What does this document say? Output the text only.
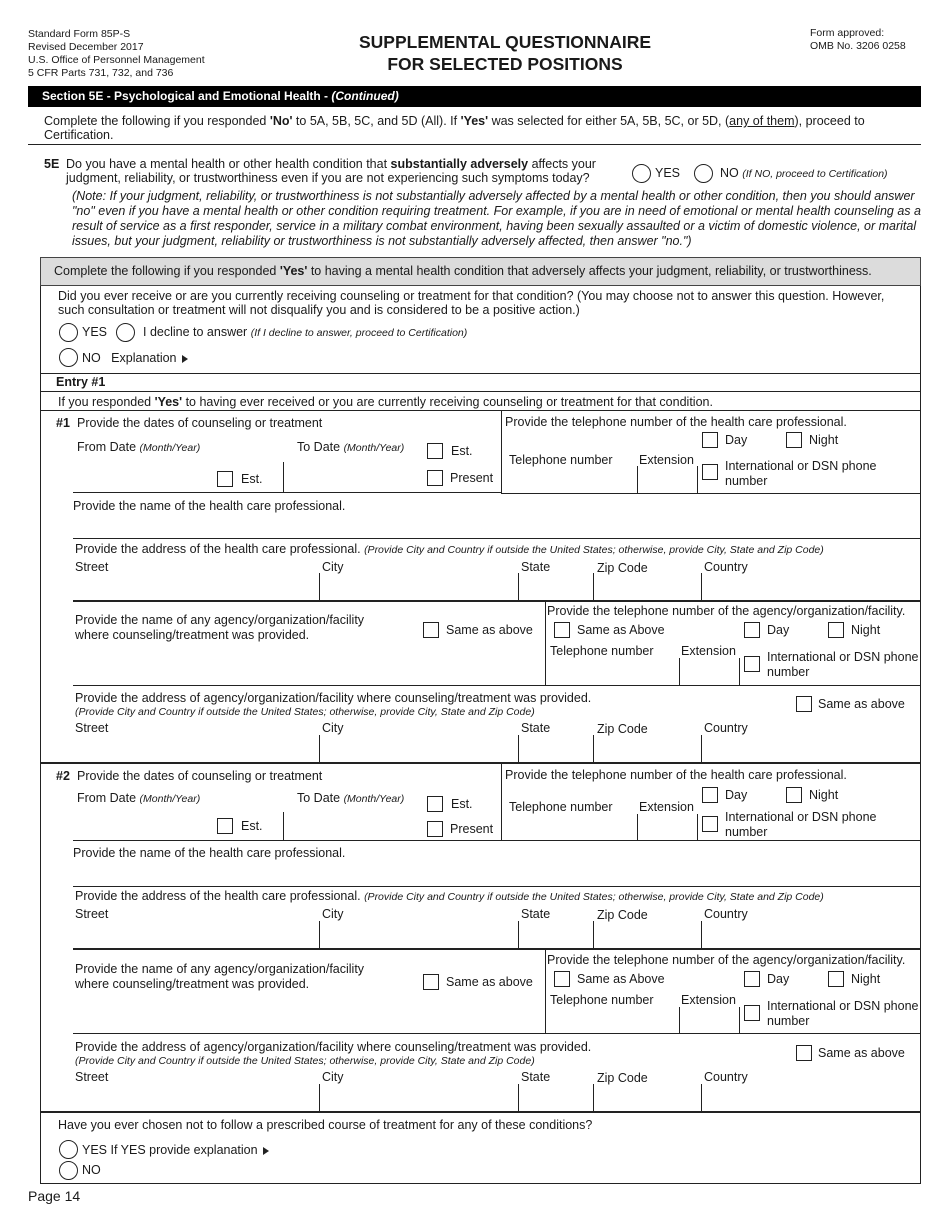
Standard Form 85P-S
Revised December 2017
U.S. Office of Personnel Management
5 CFR Parts 731, 732, and 736
SUPPLEMENTAL QUESTIONNAIRE
FOR SELECTED POSITIONS
Form approved:
OMB No. 3206 0258
Section 5E - Psychological and Emotional Health - (Continued)
Complete the following if you responded 'No' to 5A, 5B, 5C, and 5D (All). If 'Yes' was selected for either 5A, 5B, 5C, or 5D, (any of them), proceed to
Certification.
5E Do you have a mental health or other health condition that substantially adversely affects your
judgment, reliability, or trustworthiness even if you are not experiencing such symptoms today?	YES	NO (If NO, proceed to Certification)
(Note: If your judgment, reliability, or trustworthiness is not substantially adversely affected by a mental health or other condition, then you should answer
"no" even if you have a mental health or other condition requiring treatment. For example, if you are in need of emotional or mental health counseling as a
result of service as a first responder, service in a military combat environment, having been sexually assaulted or a victim of domestic violence, or marital
issues, but your judgment, reliability or trustworthiness is not substantially adversely affected, then answer "no.")
Complete the following if you responded 'Yes' to having a mental health condition that adversely affects your judgment, reliability, or trustworthiness.
Did you ever receive or are you currently receiving counseling or treatment for that condition? (You may choose not to answer this question. However,
such consultation or treatment will not disqualify you and is considered to be a positive action.)
YES	I decline to answer (If I decline to answer, proceed to Certification)
NO Explanation
Entry #1
If you responded 'Yes' to having ever received or you are currently receiving counseling or treatment for that condition.
#1 Provide the dates of counseling or treatment
From Date (Month/Year)	To Date (Month/Year)	Est.
Est.	Present
Provide the telephone number of the health care professional.
Day	Night
Telephone number Extension International or DSN phone
number
Provide the name of the health care professional.
Provide the address of the health care professional. (Provide City and Country if outside the United States; otherwise, provide City, State and Zip Code)
Street	City	State	Zip Code	Country
Provide the name of any agency/organization/facility
where counseling/treatment was provided.	Same as above
Provide the telephone number of the agency/organization/facility.
Same as Above	Day	Night
Telephone number Extension International or DSN phone
number
Provide the address of agency/organization/facility where counseling/treatment was provided.
(Provide City and Country if outside the United States; otherwise, provide City, State and Zip Code)
Same as above
Street	City	State	Zip Code	Country
#2 Provide the dates of counseling or treatment
From Date (Month/Year)	To Date (Month/Year)	Est.
Est.	Present
Provide the telephone number of the health care professional.
Day	Night
Telephone number Extension
International or DSN phone
number
Provide the name of the health care professional.
Provide the address of the health care professional. (Provide City and Country if outside the United States; otherwise, provide City, State and Zip Code)
Street	City	State	Zip Code	Country
Provide the name of any agency/organization/facility
where counseling/treatment was provided.	Same as above
Provide the telephone number of the agency/organization/facility.
Same as Above	Day	Night
Telephone number Extension International or DSN phone
number
Provide the address of agency/organization/facility where counseling/treatment was provided.
(Provide City and Country if outside the United States; otherwise, provide City, State and Zip Code)
Same as above
Street	City	State	Zip Code	Country
Have you ever chosen not to follow a prescribed course of treatment for any of these conditions?
YES If YES provide explanation
NO
Page 14
